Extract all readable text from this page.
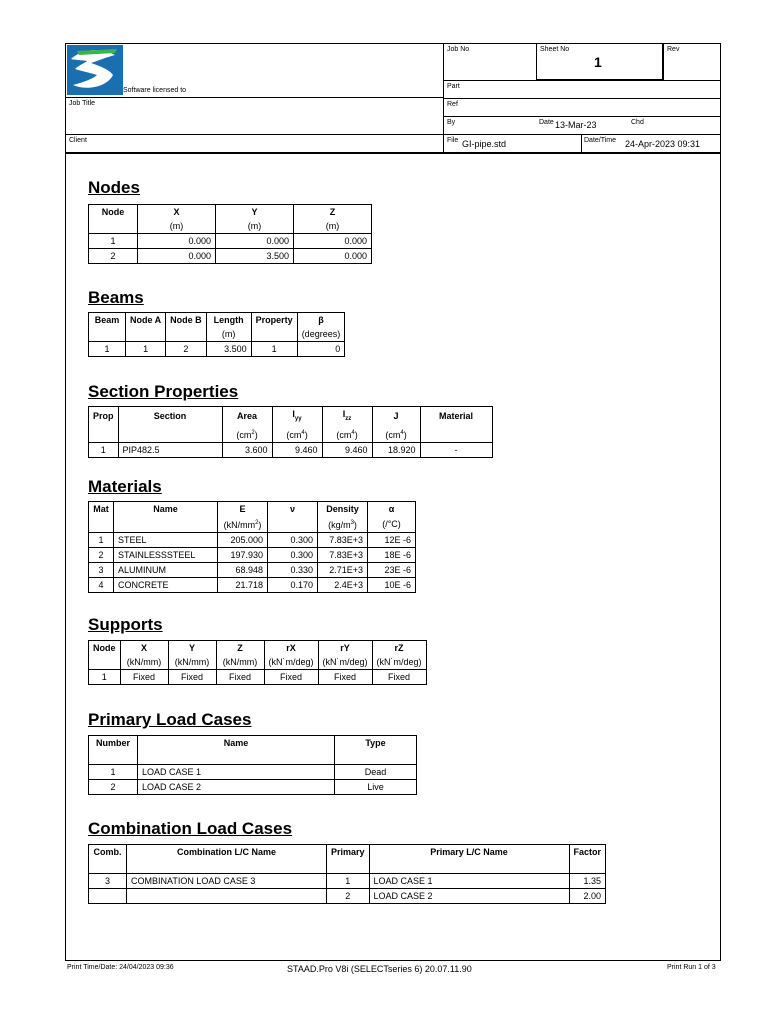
Software licensed to
Job Title
Client
Job No	Sheet No
1
Rev
Part
Ref
By	Date 13-Mar-23	Chd
File GI-pipe.std	Date/Time 24-Apr-2023 09:31
Nodes
Node	X	Y	Z
	(m)	(m)	(m)
1	0.000	0.000	0.000
2	0.000	3.500	0.000
Beams
Beam	Node A	Node B	Length	Property	β
			(m)		(degrees)
1	1	2	3.500	1	0
Section Properties
Prop	Section	Area	$I_{yy}$	$I_{zz}$	J	Material
		$(cm^2)$	$(cm^4)$	$(cm^4)$	$(cm^4)$	
1	PIP482.5	3.600	9.460	9.460	18.920	-
Materials
Mat	Name	E	ν	Density	α
		$(kN/mm^2)$		$(kg/m^3)$	(/°C)
1	STEEL	205.000	0.300	7.83E+3	12E -6
2	STAINLESSSTEEL	197.930	0.300	7.83E+3	18E -6
3	ALUMINUM	68.948	0.330	2.71E+3	23E -6
4	CONCRETE	21.718	0.170	2.4E+3	10E -6
Supports
Node	X	Y	Z	rX	rY	rZ
	(kN/mm)	(kN/mm)	(kN/mm)	(kN˙m/deg)	(kN˙m/deg)	(kN˙m/deg)
1	Fixed	Fixed	Fixed	Fixed	Fixed	Fixed
Primary Load Cases
Number	Name	Type

1	LOAD CASE 1	Dead
2	LOAD CASE 2	Live
Combination Load Cases
Comb.	Combination L/C Name	Primary	Primary L/C Name	Factor

3	COMBINATION LOAD CASE 3	1	LOAD CASE 1	1.35
		2	LOAD CASE 2	2.00
Print Time/Date: 24/04/2023 09:36	STAAD.Pro V8i (SELECTseries 6) 20.07.11.90	Print Run 1 of 3
